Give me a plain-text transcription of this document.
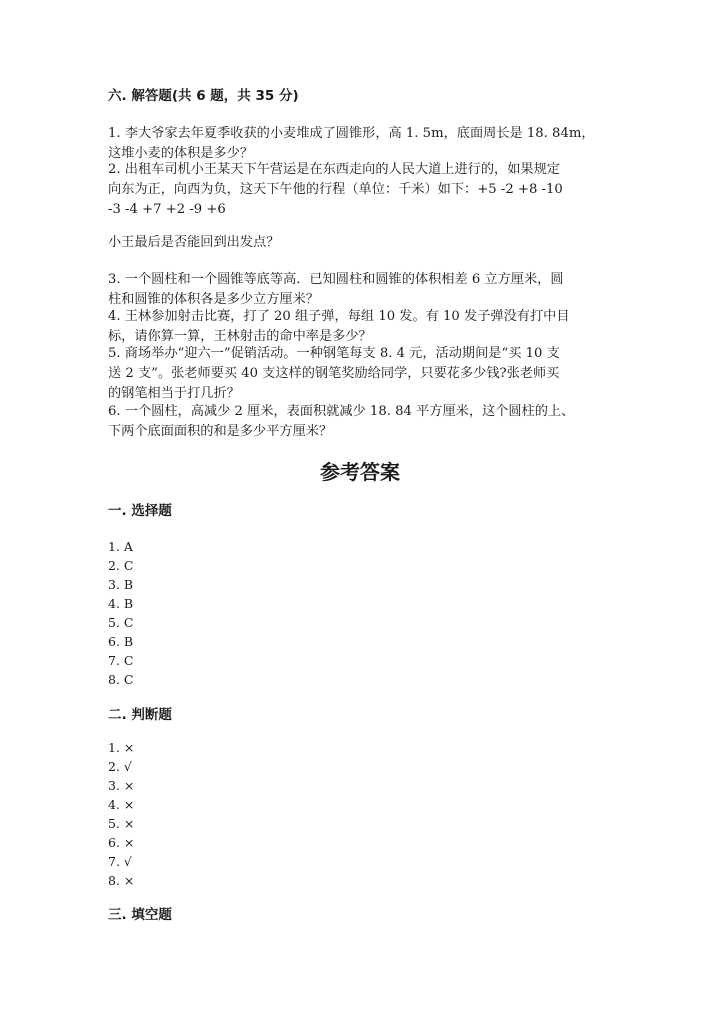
六. 解答题(共 6 题，共 35 分)
1. 李大爷家去年夏季收获的小麦堆成了圆锥形，高 1. 5m，底面周长是 18. 84m，
这堆小麦的体积是多少？
2. 出租车司机小王某天下午营运是在东西走向的人民大道上进行的，如果规定
向东为正，向西为负，这天下午他的行程（单位：千米）如下：+5 -2 +8 -10
-3 -4 +7 +2 -9 +6
小王最后是否能回到出发点？
3. 一个圆柱和一个圆锥等底等高．已知圆柱和圆锥的体积相差 6 立方厘米，圆
柱和圆锥的体积各是多少立方厘米？
4. 王林参加射击比赛，打了 20 组子弹，每组 10 发。有 10 发子弹没有打中目
标，请你算一算，王林射击的命中率是多少？
5. 商场举办“迎六一”促销活动。一种钢笔每支 8. 4 元，活动期间是“买 10 支
送 2 支”。张老师要买 40 支这样的钢笔奖励给同学，只要花多少钱?张老师买
的钢笔相当于打几折？
6. 一个圆柱，高减少 2 厘米，表面积就减少 18. 84 平方厘米，这个圆柱的上、
下两个底面面积的和是多少平方厘米？
参考答案
一. 选择题
1. A
2. C
3. B
4. B
5. C
6. B
7. C
8. C
二. 判断题
1. ×
2. √
3. ×
4. ×
5. ×
6. ×
7. √
8. ×
三. 填空题
